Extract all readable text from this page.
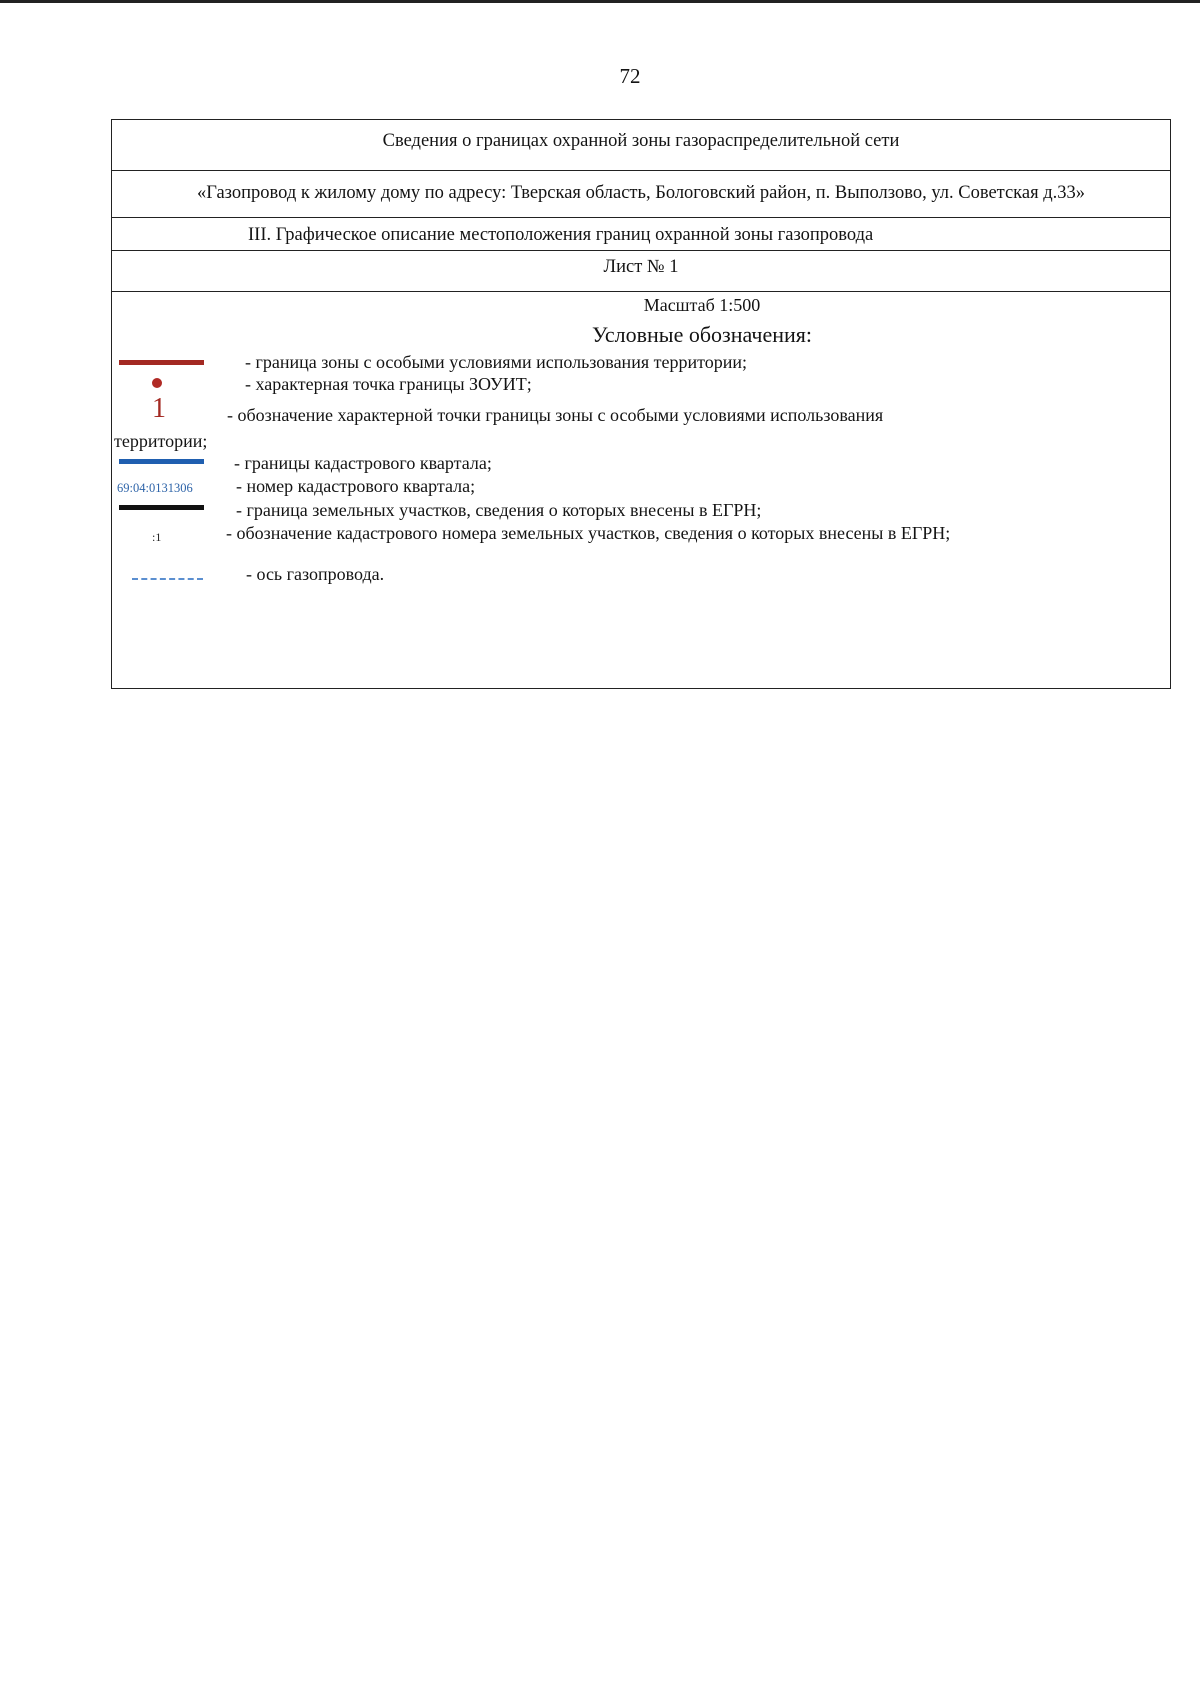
72
Сведения о границах охранной зоны газораспределительной сети
«Газопровод к жилому дому по адресу: Тверская область, Бологовский район, п. Выползово, ул. Советская д.33»
III. Графическое описание местоположения границ охранной зоны газопровода
Лист № 1
Масштаб 1:500
Условные обозначения:
- граница зоны с особыми условиями использования территории;
- характерная точка границы ЗОУИТ;
1	- обозначение характерной точки границы зоны с особыми условиями использования
территории;
- границы кадастрового квартала;
69:04:0131306 - номер кадастрового квартала;
- граница земельных участков, сведения о которых внесены в ЕГРН;
:1	- обозначение кадастрового номера земельных участков, сведения о которых внесены в ЕГРН;
- ось газопровода.
